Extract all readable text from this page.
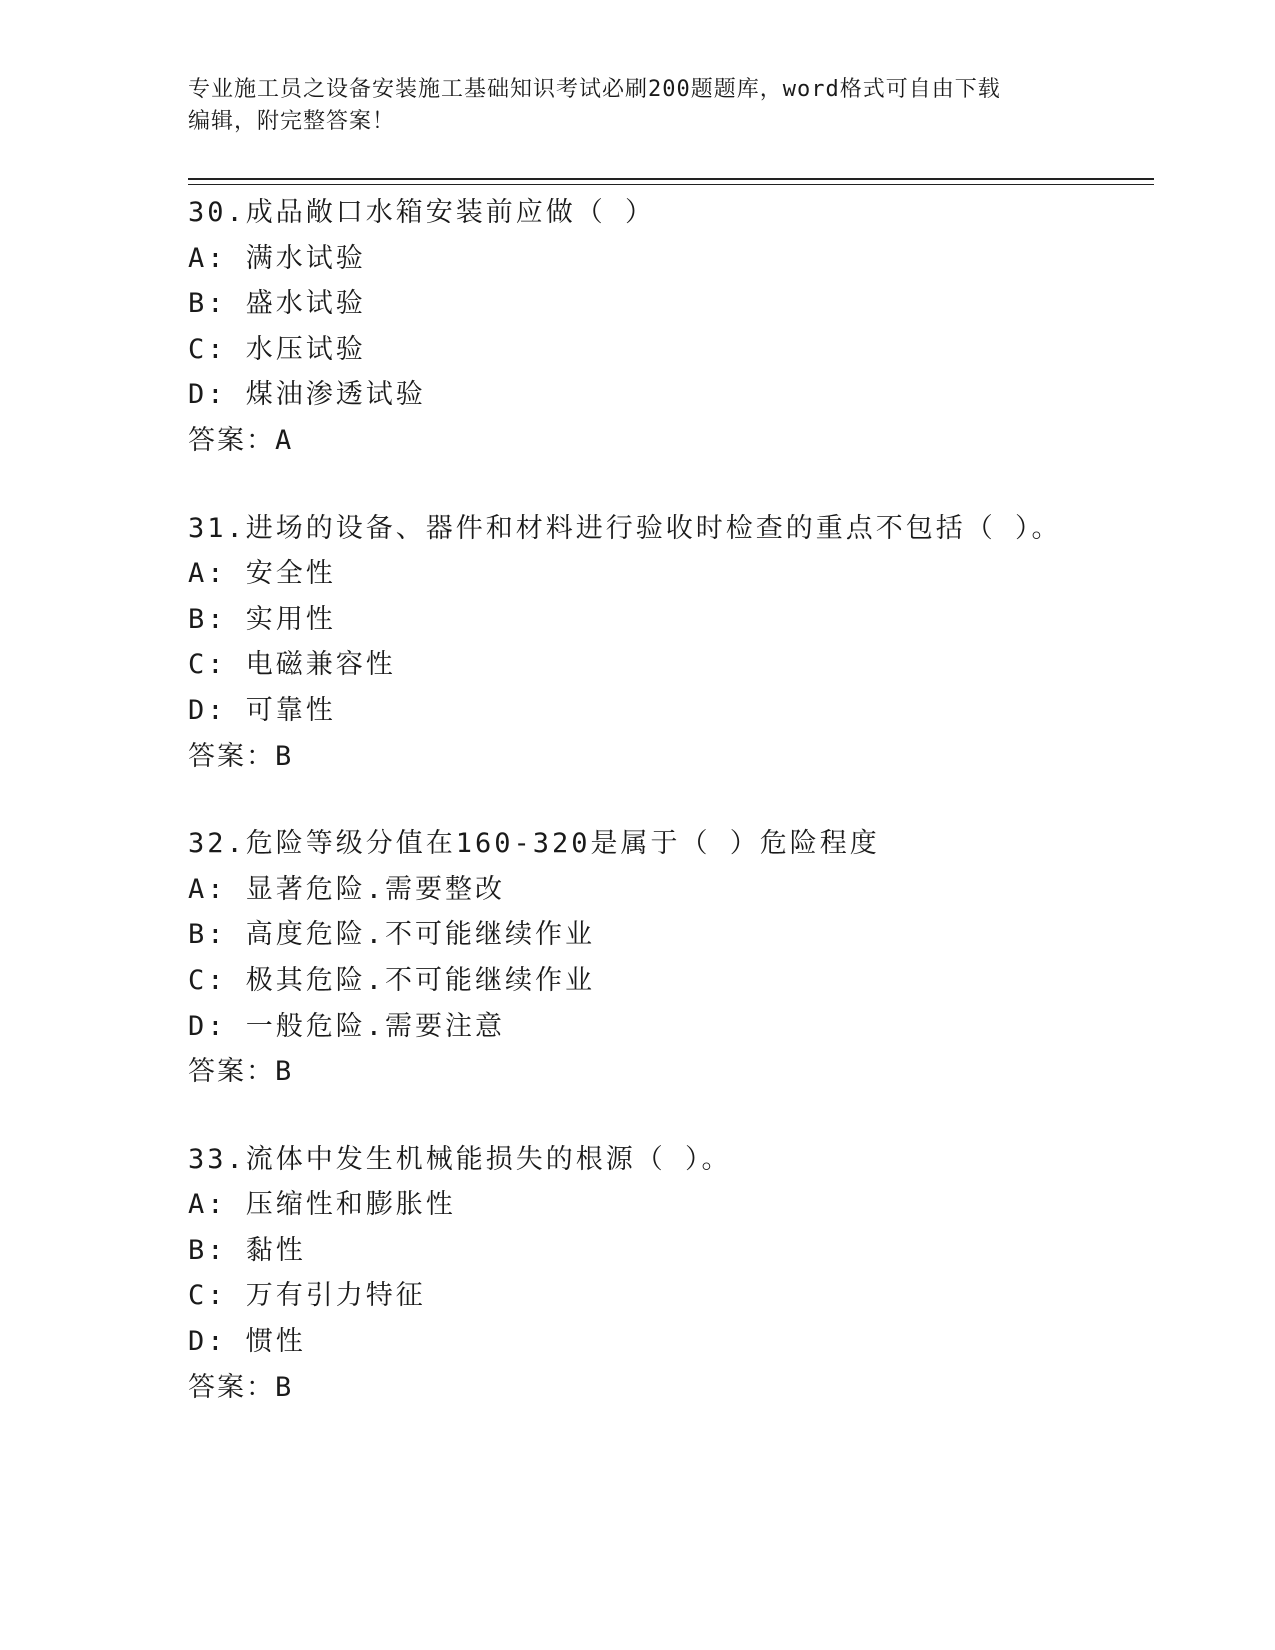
专业施工员之设备安装施工基础知识考试必刷200题题库，word格式可自由下载

编辑，附完整答案！

30.成品敞口水箱安装前应做（ ）
A: 满水试验
B: 盛水试验
C: 水压试验
D: 煤油渗透试验
答案：A
31.进场的设备、器件和材料进行验收时检查的重点不包括（ ）。
A: 安全性
B: 实用性
C: 电磁兼容性
D: 可靠性
答案：B
32.危险等级分值在160-320是属于（ ）危险程度
A: 显著危险.需要整改
B: 高度危险.不可能继续作业
C: 极其危险.不可能继续作业
D: 一般危险.需要注意
答案：B
33.流体中发生机械能损失的根源（ ）。
A: 压缩性和膨胀性
B: 黏性
C: 万有引力特征
D: 惯性
答案：B
